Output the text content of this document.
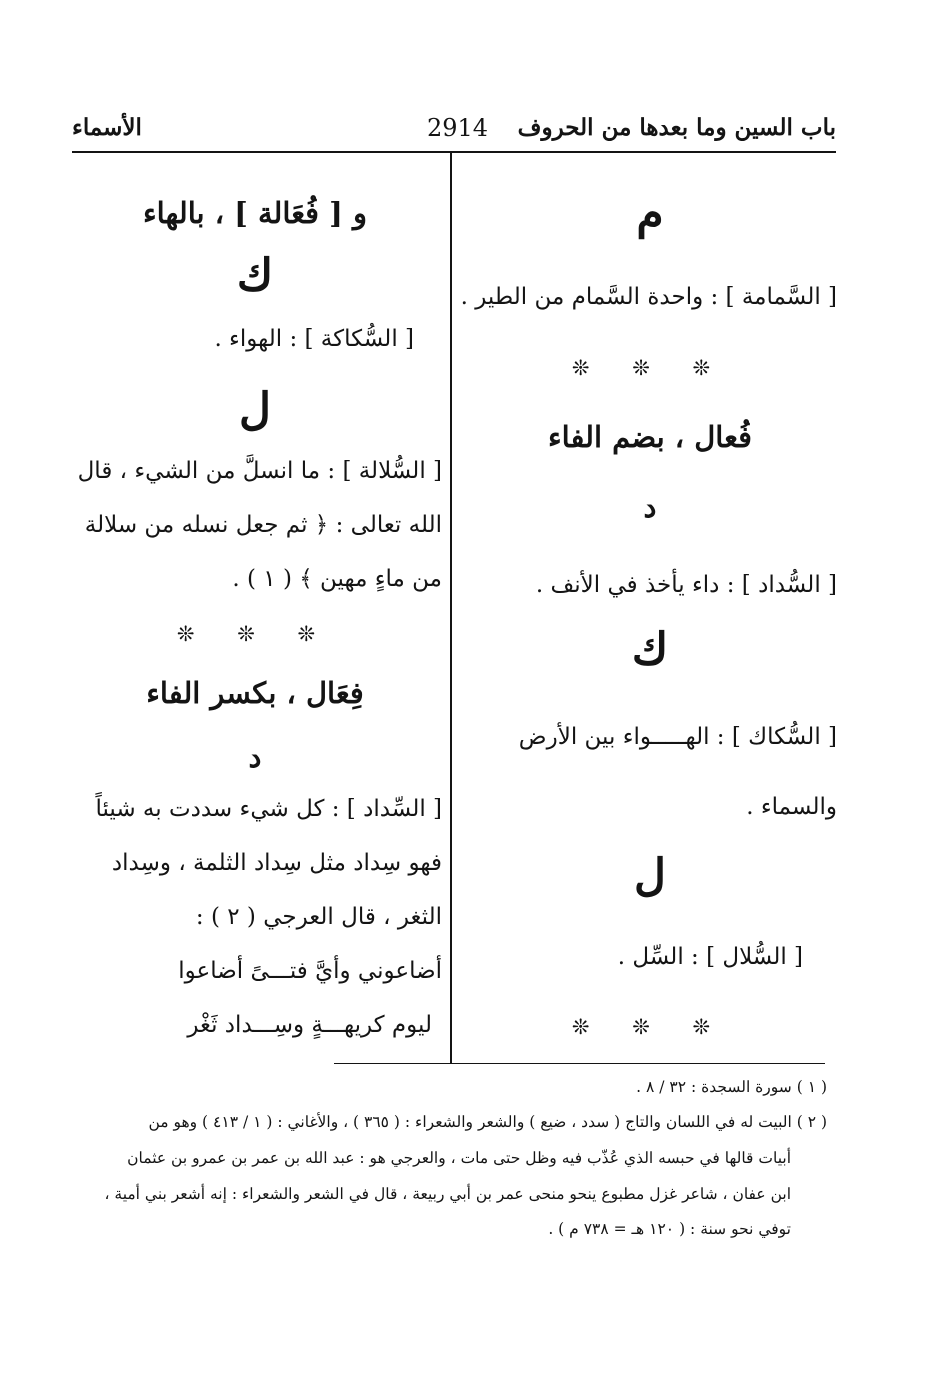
باب السين وما بعدها من الحروف
2914
الأسماء
م
[ السَّمامة ] : واحدة السَّمام من الطير .
❊ ❊ ❊
فُعال ، بضم الفاء
د
[ السُّداد ] : داء يأخذ في الأنف .
ك
[ السُّكاك ] : الهـــــواء بين الأرض
والسماء .
ل
[ السُّلال ] : السِّل .
❊ ❊ ❊
و [ فُعَالة ] ، بالهاء
ك
[ السُّكاكة ] : الهواء .
ل
[ السُّلالة ] : ما انسلَّ من الشيء ، قال
الله تعالى : ﴿ ثم جعل نسله من سلالة
من ماءٍ مهين ﴾ ( ١ ) .
❊ ❊ ❊
فِعَال ، بكسر الفاء
د
[ السِّداد ] : كل شيء سددت به شيئاً
فهو سِداد مثل سِداد الثلمة ، وسِداد
الثغر ، قال العرجي ( ٢ ) :
أضاعوني وأيَّ فتـــىً أضاعوا
ليوم كريهـــةٍ وسِـــداد ثَغْر
( ١ ) سورة السجدة : ٣٢ / ٨ .
( ٢ ) البيت له في اللسان والتاج ( سدد ، ضيع ) والشعر والشعراء : ( ٣٦٥ ) ، والأغاني : ( ١ / ٤١٣ ) وهو من
أبيات قالها في حبسه الذي عُذّب فيه وظل حتى مات ، والعرجي هو : عبد الله بن عمر بن عمرو بن عثمان
ابن عفان ، شاعر غزل مطبوع ينحو منحى عمر بن أبي ربيعة ، قال في الشعر والشعراء : إنه أشعر بني أمية ،
توفي نحو سنة : ( ١٢٠ هـ = ٧٣٨ م ) .
